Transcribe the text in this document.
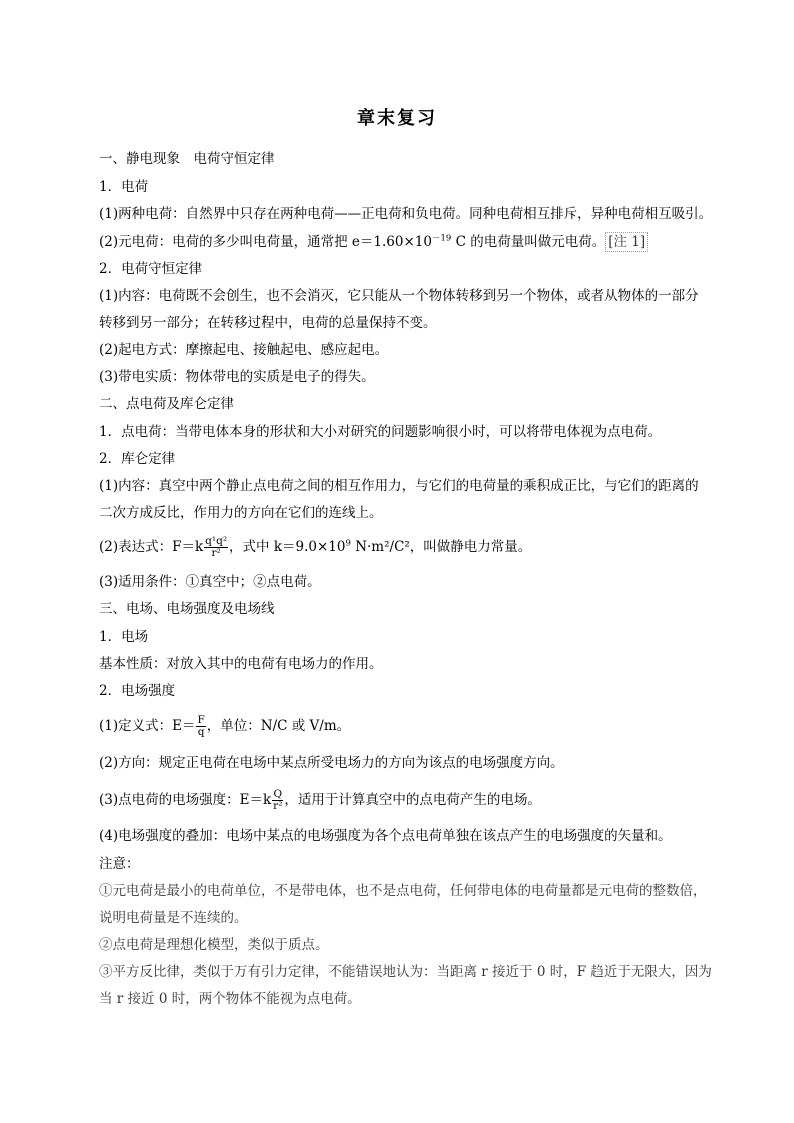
章末复习
一、静电现象　电荷守恒定律
1．电荷
(1)两种电荷：自然界中只存在两种电荷——正电荷和负电荷。同种电荷相互排斥，异种电荷相互吸引。
(2)元电荷：电荷的多少叫电荷量，通常把 $e=1.60\times 10^{-19}$ C 的电荷量叫做元电荷。 [注 1]
2．电荷守恒定律
(1)内容：电荷既不会创生，也不会消灭，它只能从一个物体转移到另一个物体，或者从物体的一部分
转移到另一部分；在转移过程中，电荷的总量保持不变。
(2)起电方式：摩擦起电、接触起电、感应起电。
(3)带电实质：物体带电的实质是电子的得失。
二、点电荷及库仑定律
1．点电荷：当带电体本身的形状和大小对研究的问题影响很小时，可以将带电体视为点电荷。
2．库仑定律
(1)内容：真空中两个静止点电荷之间的相互作用力，与它们的电荷量的乘积成正比，与它们的距离的
二次方成反比，作用力的方向在它们的连线上。
(2)表达式：$F=k \frac{\text{q¹q²}}{\text{r²}}$ ，式中 $k=9.0\times 10^9$ N·m²/C²，叫做静电力常量。
(3)适用条件：①真空中；②点电荷。
三、电场、电场强度及电场线
1．电场
基本性质：对放入其中的电荷有电场力的作用。
2．电场强度
(1)定义式：$E= \frac{F}{q}$ ，单位：N/C 或 V/m。
(2)方向：规定正电荷在电场中某点所受电场力的方向为该点的电场强度方向。
(3)点电荷的电场强度：$E=k \frac{Q}{\text{r²}}$ ，适用于计算真空中的点电荷产生的电场。
(4)电场强度的叠加：电场中某点的电场强度为各个点电荷单独在该点产生的电场强度的矢量和。
注意：
①元电荷是最小的电荷单位，不是带电体，也不是点电荷，任何带电体的电荷量都是元电荷的整数倍，
说明电荷量是不连续的。
②点电荷是理想化模型，类似于质点。
③平方反比律，类似于万有引力定律，不能错误地认为：当距离 r 接近于 0 时，F 趋近于无限大，因为
当 r 接近 0 时，两个物体不能视为点电荷。
